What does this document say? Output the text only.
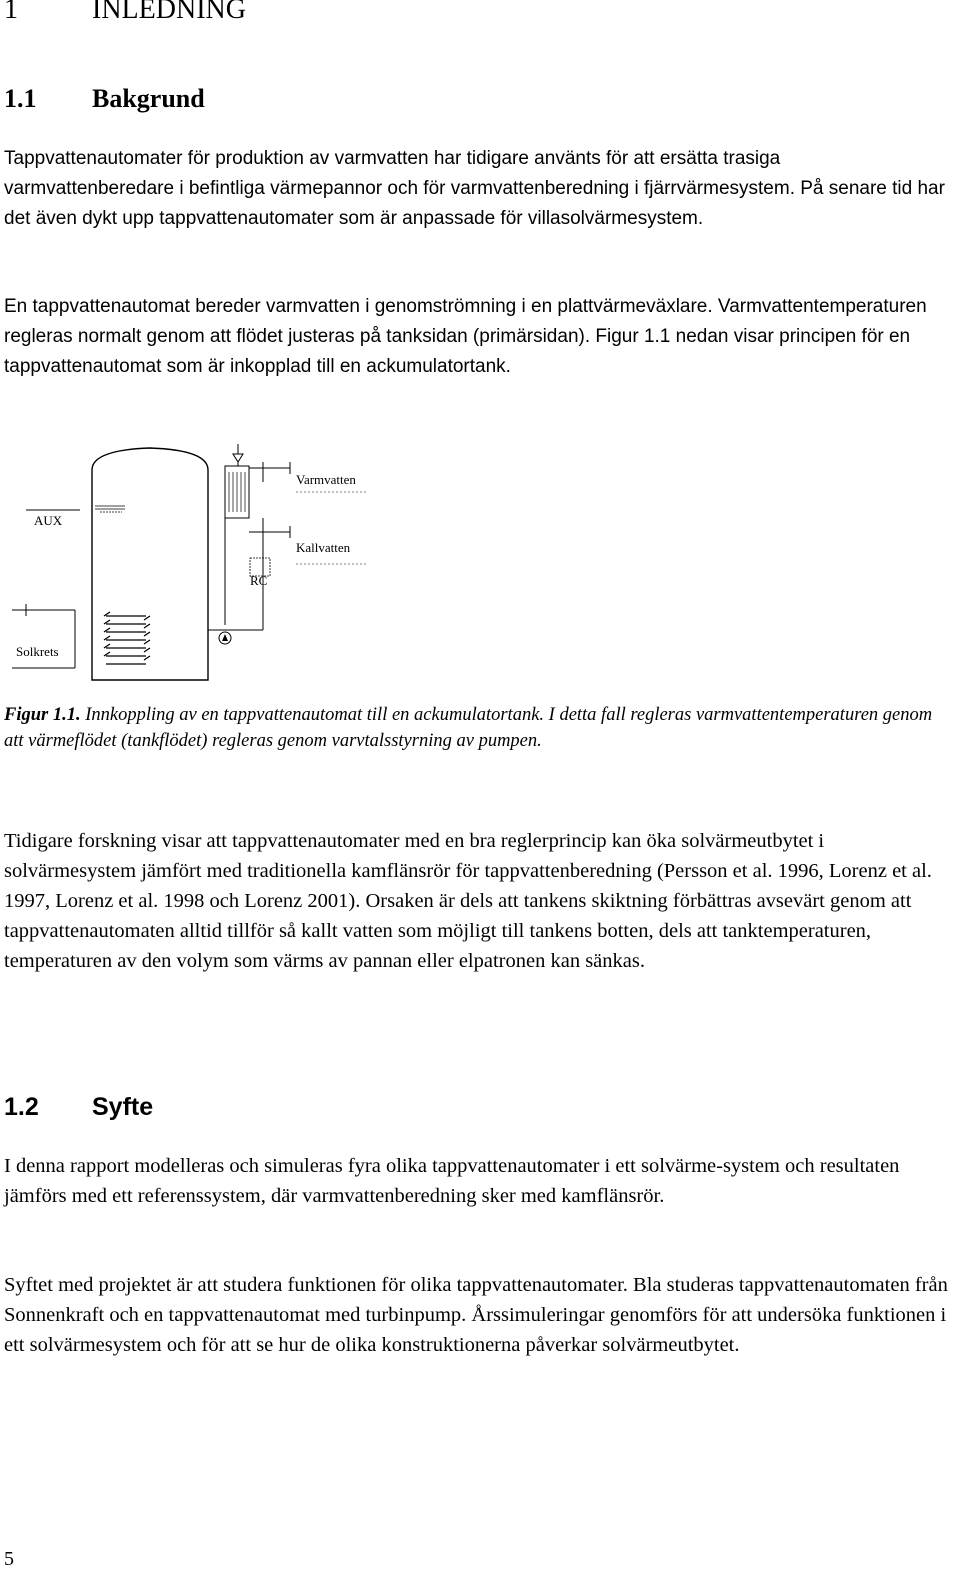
1	INLEDNING
1.1 Bakgrund

Tappvattenautomater för produktion av varmvatten har tidigare använts för att ersätta trasiga varmvattenberedare i befintliga värmepannor och för varmvattenberedning i fjärrvärmesystem. På senare tid har det även dykt upp tappvattenautomater som är anpassade för villasolvärmesystem.

En tappvattenautomat bereder varmvatten i genomströmning i en plattvärmeväxlare. Varmvattentemperaturen regleras normalt genom att flödet justeras på tanksidan (primärsidan). Figur 1.1 nedan visar principen för en tappvattenautomat som är inkopplad till en ackumulatortank.

AUX
Varmvatten
Kallvatten
RC
Solkrets

Figur 1.1. Innkoppling av en tappvattenautomat till en ackumulatortank. I detta fall regleras varmvattentemperaturen genom att värmeflödet (tankflödet) regleras genom varvtalsstyrning av pumpen.

Tidigare forskning visar att tappvattenautomater med en bra reglerprincip kan öka solvärmeutbytet i solvärmesystem jämfört med traditionella kamflänsrör för tappvattenberedning (Persson et al. 1996, Lorenz et al. 1997, Lorenz et al. 1998 och Lorenz 2001). Orsaken är dels att tankens skiktning förbättras avsevärt genom att tappvattenautomaten alltid tillför så kallt vatten som möjligt till tankens botten, dels att tanktemperaturen, temperaturen av den volym som värms av pannan eller elpatronen kan sänkas.

1.2 Syfte

I denna rapport modelleras och simuleras fyra olika tappvattenautomater i ett solvärme-system och resultaten jämförs med ett referenssystem, där varmvattenberedning sker med kamflänsrör.

Syftet med projektet är att studera funktionen för olika tappvattenautomater. Bla studeras tappvattenautomaten från Sonnenkraft och en tappvattenautomat med turbinpump. Årssimuleringar genomförs för att undersöka funktionen i ett solvärmesystem och för att se hur de olika konstruktionerna påverkar solvärmeutbytet.

5
